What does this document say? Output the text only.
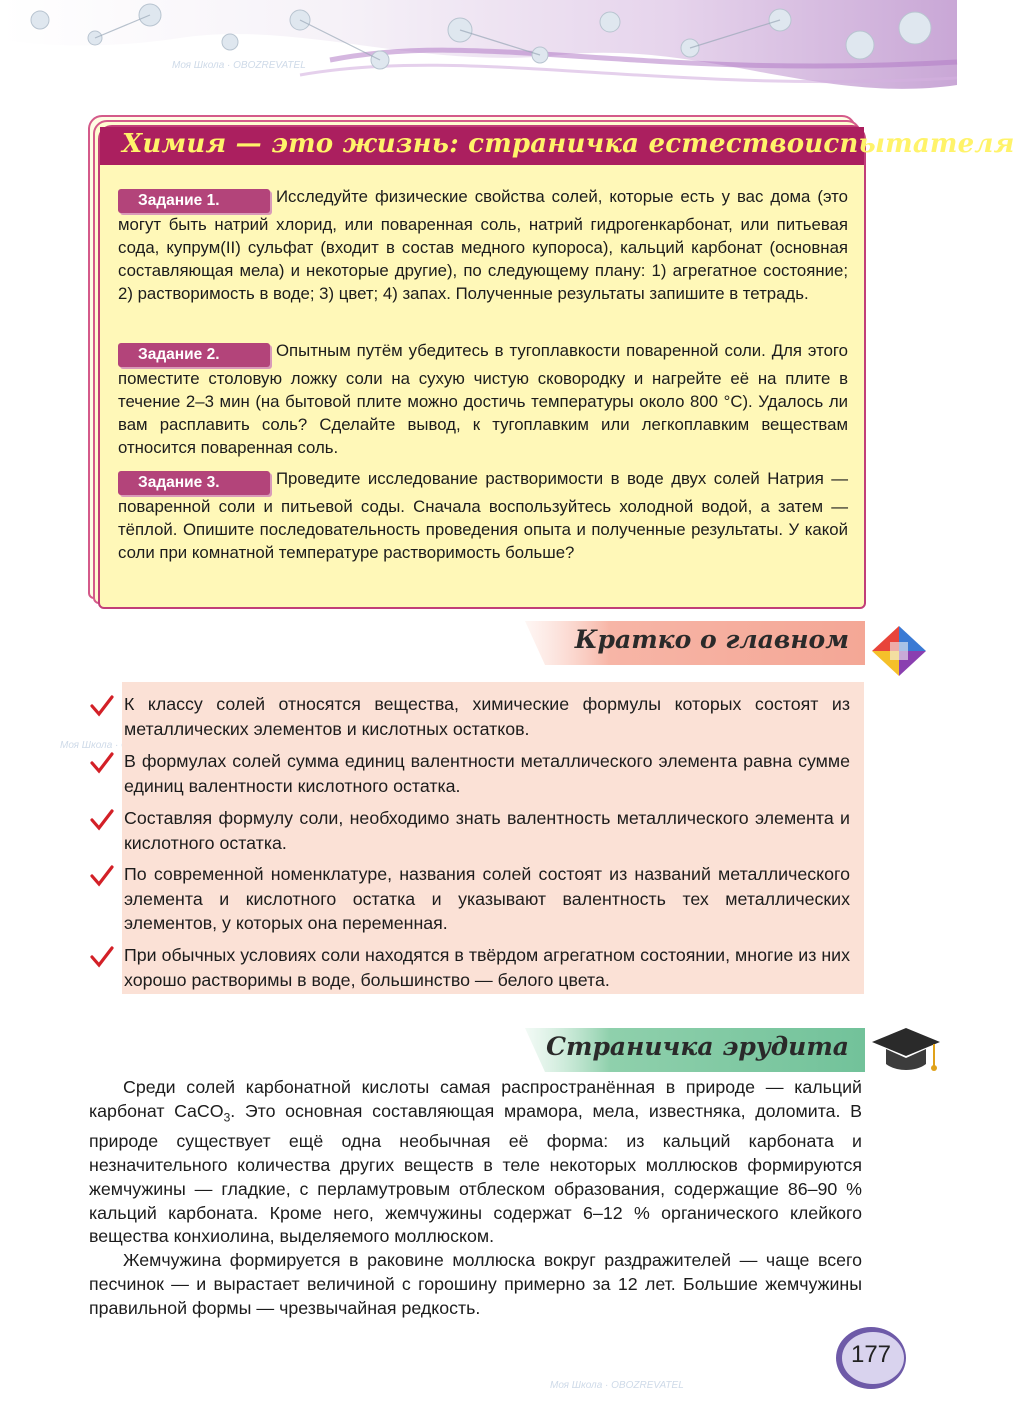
Моя Школа · OBOZREVATEL
Моя Школа ·
Моя Школа · OBOZREVATEL
Химия — это жизнь: страничка естествоиспытателя
Задание 1.	Исследуйте физические свойства солей, которые есть у вас дома (это могут быть натрий хлорид, или поваренная соль, натрий гидрогенкарбонат, или питьевая сода, купрум(II) сульфат (входит в состав медного купороса), кальций карбонат (основная составляющая мела) и некоторые другие), по следующему плану: 1) агрегатное состояние; 2) растворимость в воде; 3) цвет; 4) запах. Полученные результаты запишите в тетрадь.
Задание 2.	Опытным путём убедитесь в тугоплавкости поваренной соли. Для этого поместите столовую ложку соли на сухую чистую сковородку и нагрейте её на плите в течение 2–3 мин (на бытовой плите можно достичь температуры около 800 °C). Удалось ли вам расплавить соль? Сделайте вывод, к тугоплавким или легкоплавким веществам относится поваренная соль.
Задание 3.	Проведите исследование растворимости в воде двух солей Натрия — поваренной соли и питьевой соды. Сначала воспользуйтесь холодной водой, а затем — тёплой. Опишите последовательность проведения опыта и полученные результаты. У какой соли при комнатной температуре растворимость больше?
Кратко о главном
К классу солей относятся вещества, химические формулы которых состоят из металлических элементов и кислотных остатков.
В формулах солей сумма единиц валентности металлического элемента равна сумме единиц валентности кислотного остатка.
Составляя формулу соли, необходимо знать валентность металлического элемента и кислотного остатка.
По современной номенклатуре, названия солей состоят из названий металлического элемента и кислотного остатка и указывают валентность тех металлических элементов, у которых она переменная.
При обычных условиях соли находятся в твёрдом агрегатном состоянии, многие из них хорошо растворимы в воде, большинство — белого цвета.
Страничка эрудита

Среди солей карбонатной кислоты самая распространённая в природе — кальций карбонат CaCO$_3$. Это основная составляющая мрамора, мела, известняка, доломита. В природе существует ещё одна необычная её форма: из кальций карбоната и незначительного количества других веществ в теле некоторых моллюсков формируются жемчужины — гладкие, с перламутровым отблеском образования, содержащие 86–90 % кальций карбоната. Кроме него, жемчужины содержат 6–12 % органического клейкого вещества конхиолина, выделяемого моллюском.

Жемчужина формируется в раковине моллюска вокруг раздражителей — чаще всего песчинок — и вырастает величиной с горошину примерно за 12 лет. Большие жемчужины правильной формы — чрезвычайная редкость.

177
